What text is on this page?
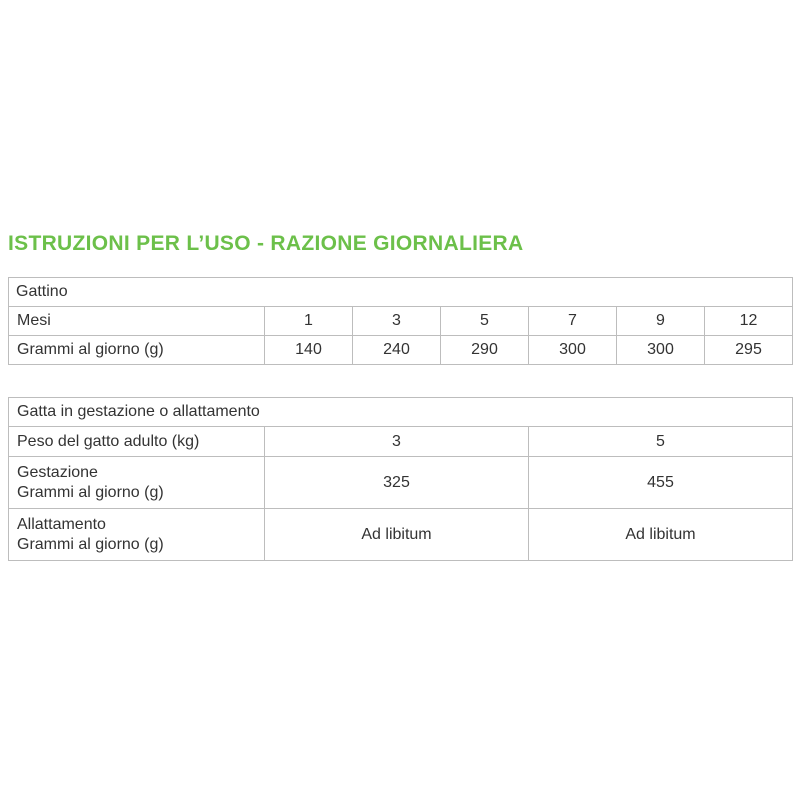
ISTRUZIONI PER L’USO - RAZIONE GIORNALIERA
Gattino						
Mesi	1	3	5	7	9	12
Grammi al giorno (g)	140	240	290	300	300	295
Gatta in gestazione o allattamento		
Peso del gatto adulto (kg)	3	5

Gestazione
Grammi al giorno (g)	325	455

Allattamento
Grammi al giorno (g)	Ad libitum	Ad libitum
